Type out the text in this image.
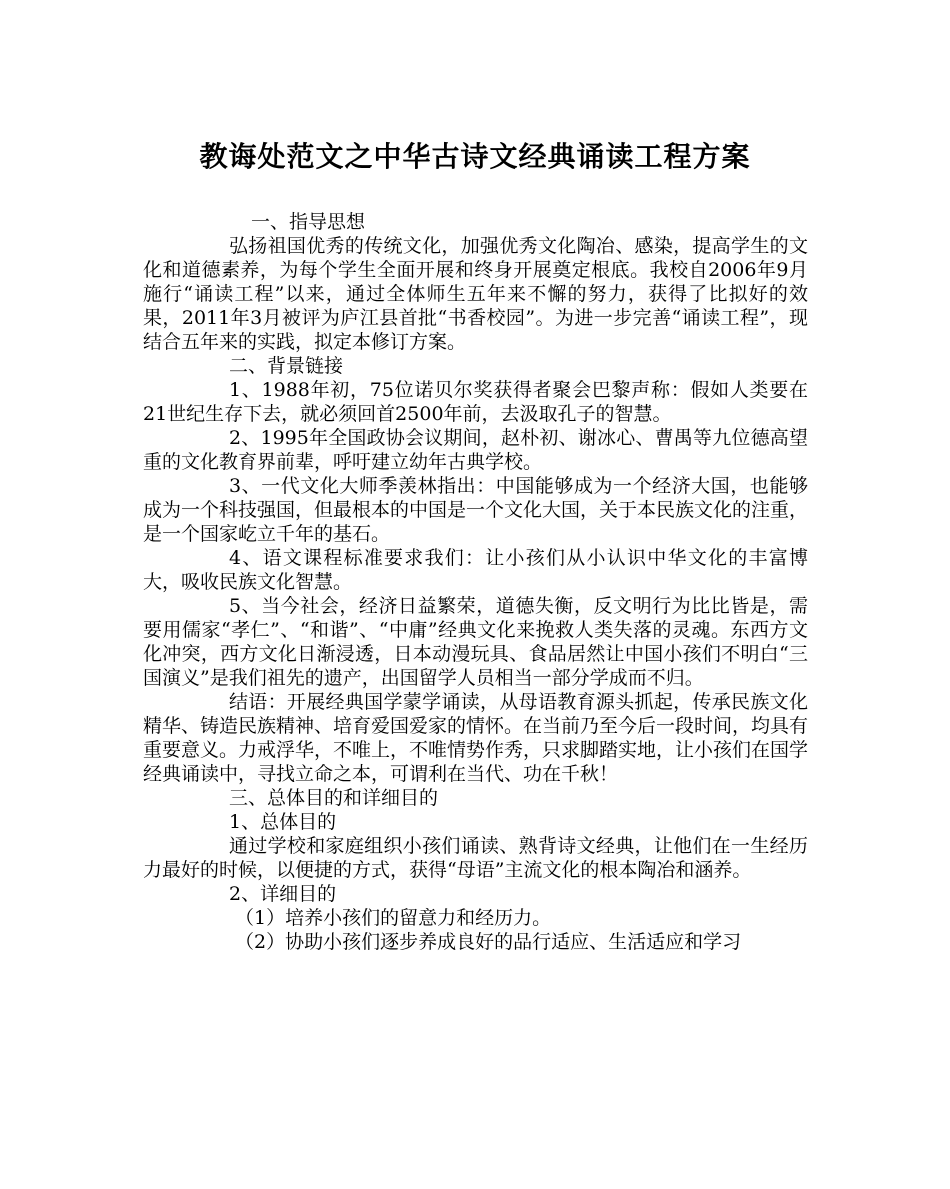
教诲处范文之中华古诗文经典诵读工程方案

一、指导思想

弘扬祖国优秀的传统文化，加强优秀文化陶冶、感染，提高学生的文化和道德素养，为每个学生全面开展和终身开展奠定根底。我校自2006年9月施行“诵读工程”以来，通过全体师生五年来不懈的努力，获得了比拟好的效果，2011年3月被评为庐江县首批“书香校园”。为进一步完善“诵读工程”，现结合五年来的实践，拟定本修订方案。

二、背景链接

1、1988年初，75位诺贝尔奖获得者聚会巴黎声称：假如人类要在21世纪生存下去，就必须回首2500年前，去汲取孔子的智慧。

2、1995年全国政协会议期间，赵朴初、谢冰心、曹禺等九位德高望重的文化教育界前辈，呼吁建立幼年古典学校。

3、一代文化大师季羡林指出：中国能够成为一个经济大国，也能够成为一个科技强国，但最根本的中国是一个文化大国，关于本民族文化的注重，是一个国家屹立千年的基石。

4、语文课程标准要求我们：让小孩们从小认识中华文化的丰富博大，吸收民族文化智慧。

5、当今社会，经济日益繁荣，道德失衡，反文明行为比比皆是，需要用儒家“孝仁”、“和谐”、“中庸”经典文化来挽救人类失落的灵魂。东西方文化冲突，西方文化日渐浸透，日本动漫玩具、食品居然让中国小孩们不明白“三国演义”是我们祖先的遗产，出国留学人员相当一部分学成而不归。

结语：开展经典国学蒙学诵读，从母语教育源头抓起，传承民族文化精华、铸造民族精神、培育爱国爱家的情怀。在当前乃至今后一段时间，均具有重要意义。力戒浮华，不唯上，不唯情势作秀，只求脚踏实地，让小孩们在国学经典诵读中，寻找立命之本，可谓利在当代、功在千秋！

三、总体目的和详细目的

1、总体目的

通过学校和家庭组织小孩们诵读、熟背诗文经典，让他们在一生经历力最好的时候，以便捷的方式，获得“母语”主流文化的根本陶冶和涵养。

2、详细目的

（1）培养小孩们的留意力和经历力。

（2）协助小孩们逐步养成良好的品行适应、生活适应和学习
